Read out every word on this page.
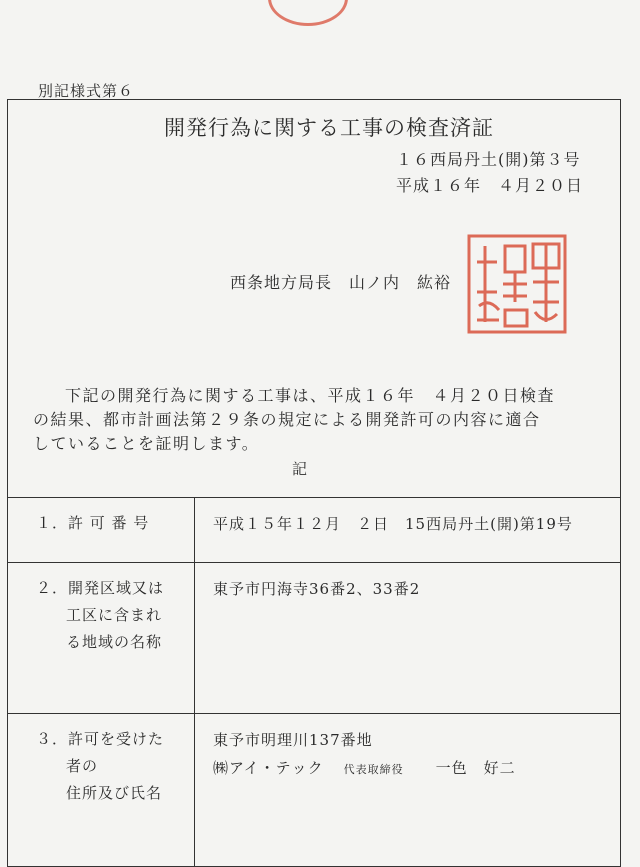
別記様式第６
開発行為に関する工事の検査済証
１６西局丹土(開)第３号
平成１６年　４月２０日
西条地方局長　山ノ内　紘裕
下記の開発行為に関する工事は、平成１６年　４月２０日検査
の結果、都市計画法第２９条の規定による開発許可の内容に適合
していることを証明します。
記
１．許 可 番 号	平成１５年１２月　２日　15西局丹土(開)第19号

２．開発区域又は
工区に含まれ
る地域の名称	東予市円海寺36番2、33番2

３．許可を受けた
者の
住所及び氏名	東予市明理川137番地
㈱アイ・テック 代表取締役 一色　好二
